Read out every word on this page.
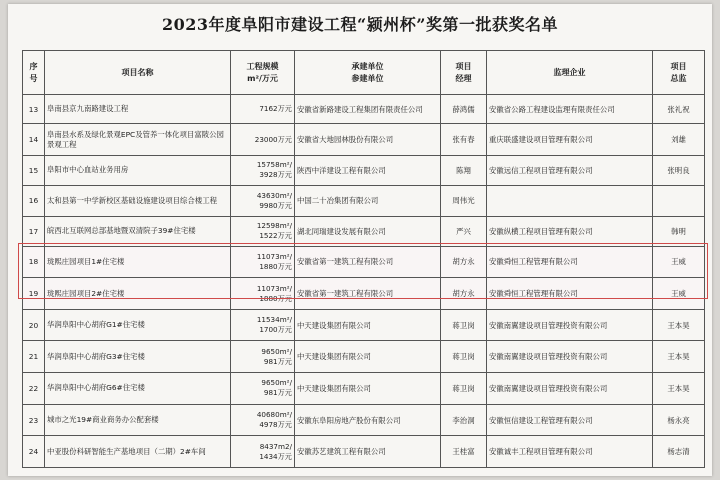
2023年度阜阳市建设工程“颍州杯”奖第一批获奖名单
序
号	项目名称	工程规模
m²/万元	承建单位
参建单位	项目
经理	监理企业	项目
总监

13	阜南县京九南路建设工程	7162万元	安徽省新路建设工程集团有限责任公司	薛鸿儒	安徽省公路工程建设监理有限责任公司	张礼祝
14	阜南县水系及绿化景观EPC及管养一体化项目富陂公园景观工程	23000万元	安徽省大地园林股份有限公司	张有春	重庆联盛建设项目管理有限公司	刘雄
15	阜阳市中心血站业务用房	15758m²/
3928万元	陕西中洋建设工程有限公司	陈翔	安徽远信工程项目管理有限公司	张明良
16	太和县第一中学新校区基础设施建设项目综合楼工程	43630m²/
9980万元	中国二十冶集团有限公司	周伟光		
17	皖西北互联网总部基地暨双清院子39#住宅楼	12598m²/
1522万元	湖北同瑞建设发展有限公司	严兴	安徽纵横工程项目管理有限公司	韩明
18	珑熙庄园项目1#住宅楼	11073m²/
1880万元	安徽省第一建筑工程有限公司	胡方永	安徽舜恒工程管理有限公司	王威
19	珑熙庄园项目2#住宅楼	11073m²/
1880万元	安徽省第一建筑工程有限公司	胡方永	安徽舜恒工程管理有限公司	王威
20	华润阜阳中心胡府G1#住宅楼	11534m²/
1700万元	中天建设集团有限公司	蒋卫岗	安徽南翼建设项目管理投资有限公司	王本昊
21	华润阜阳中心胡府G3#住宅楼	9650m²/
981万元	中天建设集团有限公司	蒋卫岗	安徽南翼建设项目管理投资有限公司	王本昊
22	华润阜阳中心胡府G6#住宅楼	9650m²/
981万元	中天建设集团有限公司	蒋卫岗	安徽南翼建设项目管理投资有限公司	王本昊
23	城市之光19#商业商务办公配套楼	40680m²/
4978万元	安徽东阜阳房地产股份有限公司	李治洞	安徽恒信建设工程管理有限公司	杨永亮
24	中亚股份科研智能生产基地项目（二期）2#车间	8437m2/
1434万元	安徽苏艺建筑工程有限公司	王桂富	安徽诚丰工程项目管理有限公司	杨志清
